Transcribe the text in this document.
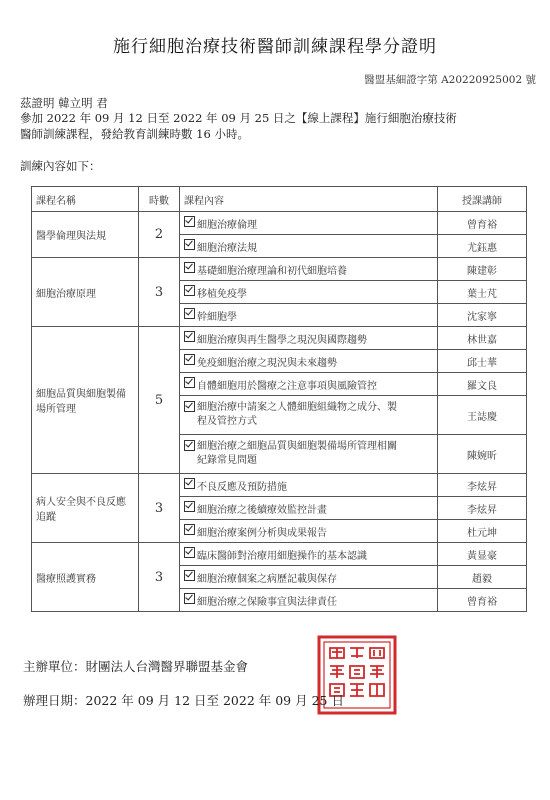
施行細胞治療技術醫師訓練課程學分證明
醫盟基細證字第 A20220925002 號
茲證明 韓立明 君
參加 2022 年 09 月 12 日至 2022 年 09 月 25 日之【線上課程】施行細胞治療技術
醫師訓練課程，發給教育訓練時數 16 小時。
訓練內容如下：
課程名稱	時數	課程內容	授課講師
醫學倫理與法規	2	細胞治療倫理	曾育裕
		細胞治療法規	尤鈺惠
細胞治療原理	3	基礎細胞治療理論和初代細胞培養	陳建彰
		移植免疫學	葉士芃
		幹細胞學	沈家寧
細胞品質與細胞製備場所管理	5	細胞治療與再生醫學之現況與國際趨勢	林世嘉
		免疫細胞治療之現況與未來趨勢	邱士華
		自體細胞用於醫療之注意事項與風險管控	羅文良
		細胞治療中請案之人體細胞組織物之成分、製程及管控方式	王誌慶
		細胞治療之細胞品質與細胞製備場所管理相關紀錄常見問題	陳婉昕
病人安全與不良反應追蹤	3	不良反應及預防措施	李炫昇
		細胞治療之後續療效監控計畫	李炫昇
		細胞治療案例分析與成果報告	杜元坤
醫療照護實務	3	臨床醫師對治療用細胞操作的基本認識	黃显豪
		細胞治療個案之病歷記載與保存	趙毅
		細胞治療之保險事宜與法律責任	曾育裕
主辦單位：財團法人台灣醫界聯盟基金會
辦理日期：2022 年 09 月 12 日至 2022 年 09 月 25 日
